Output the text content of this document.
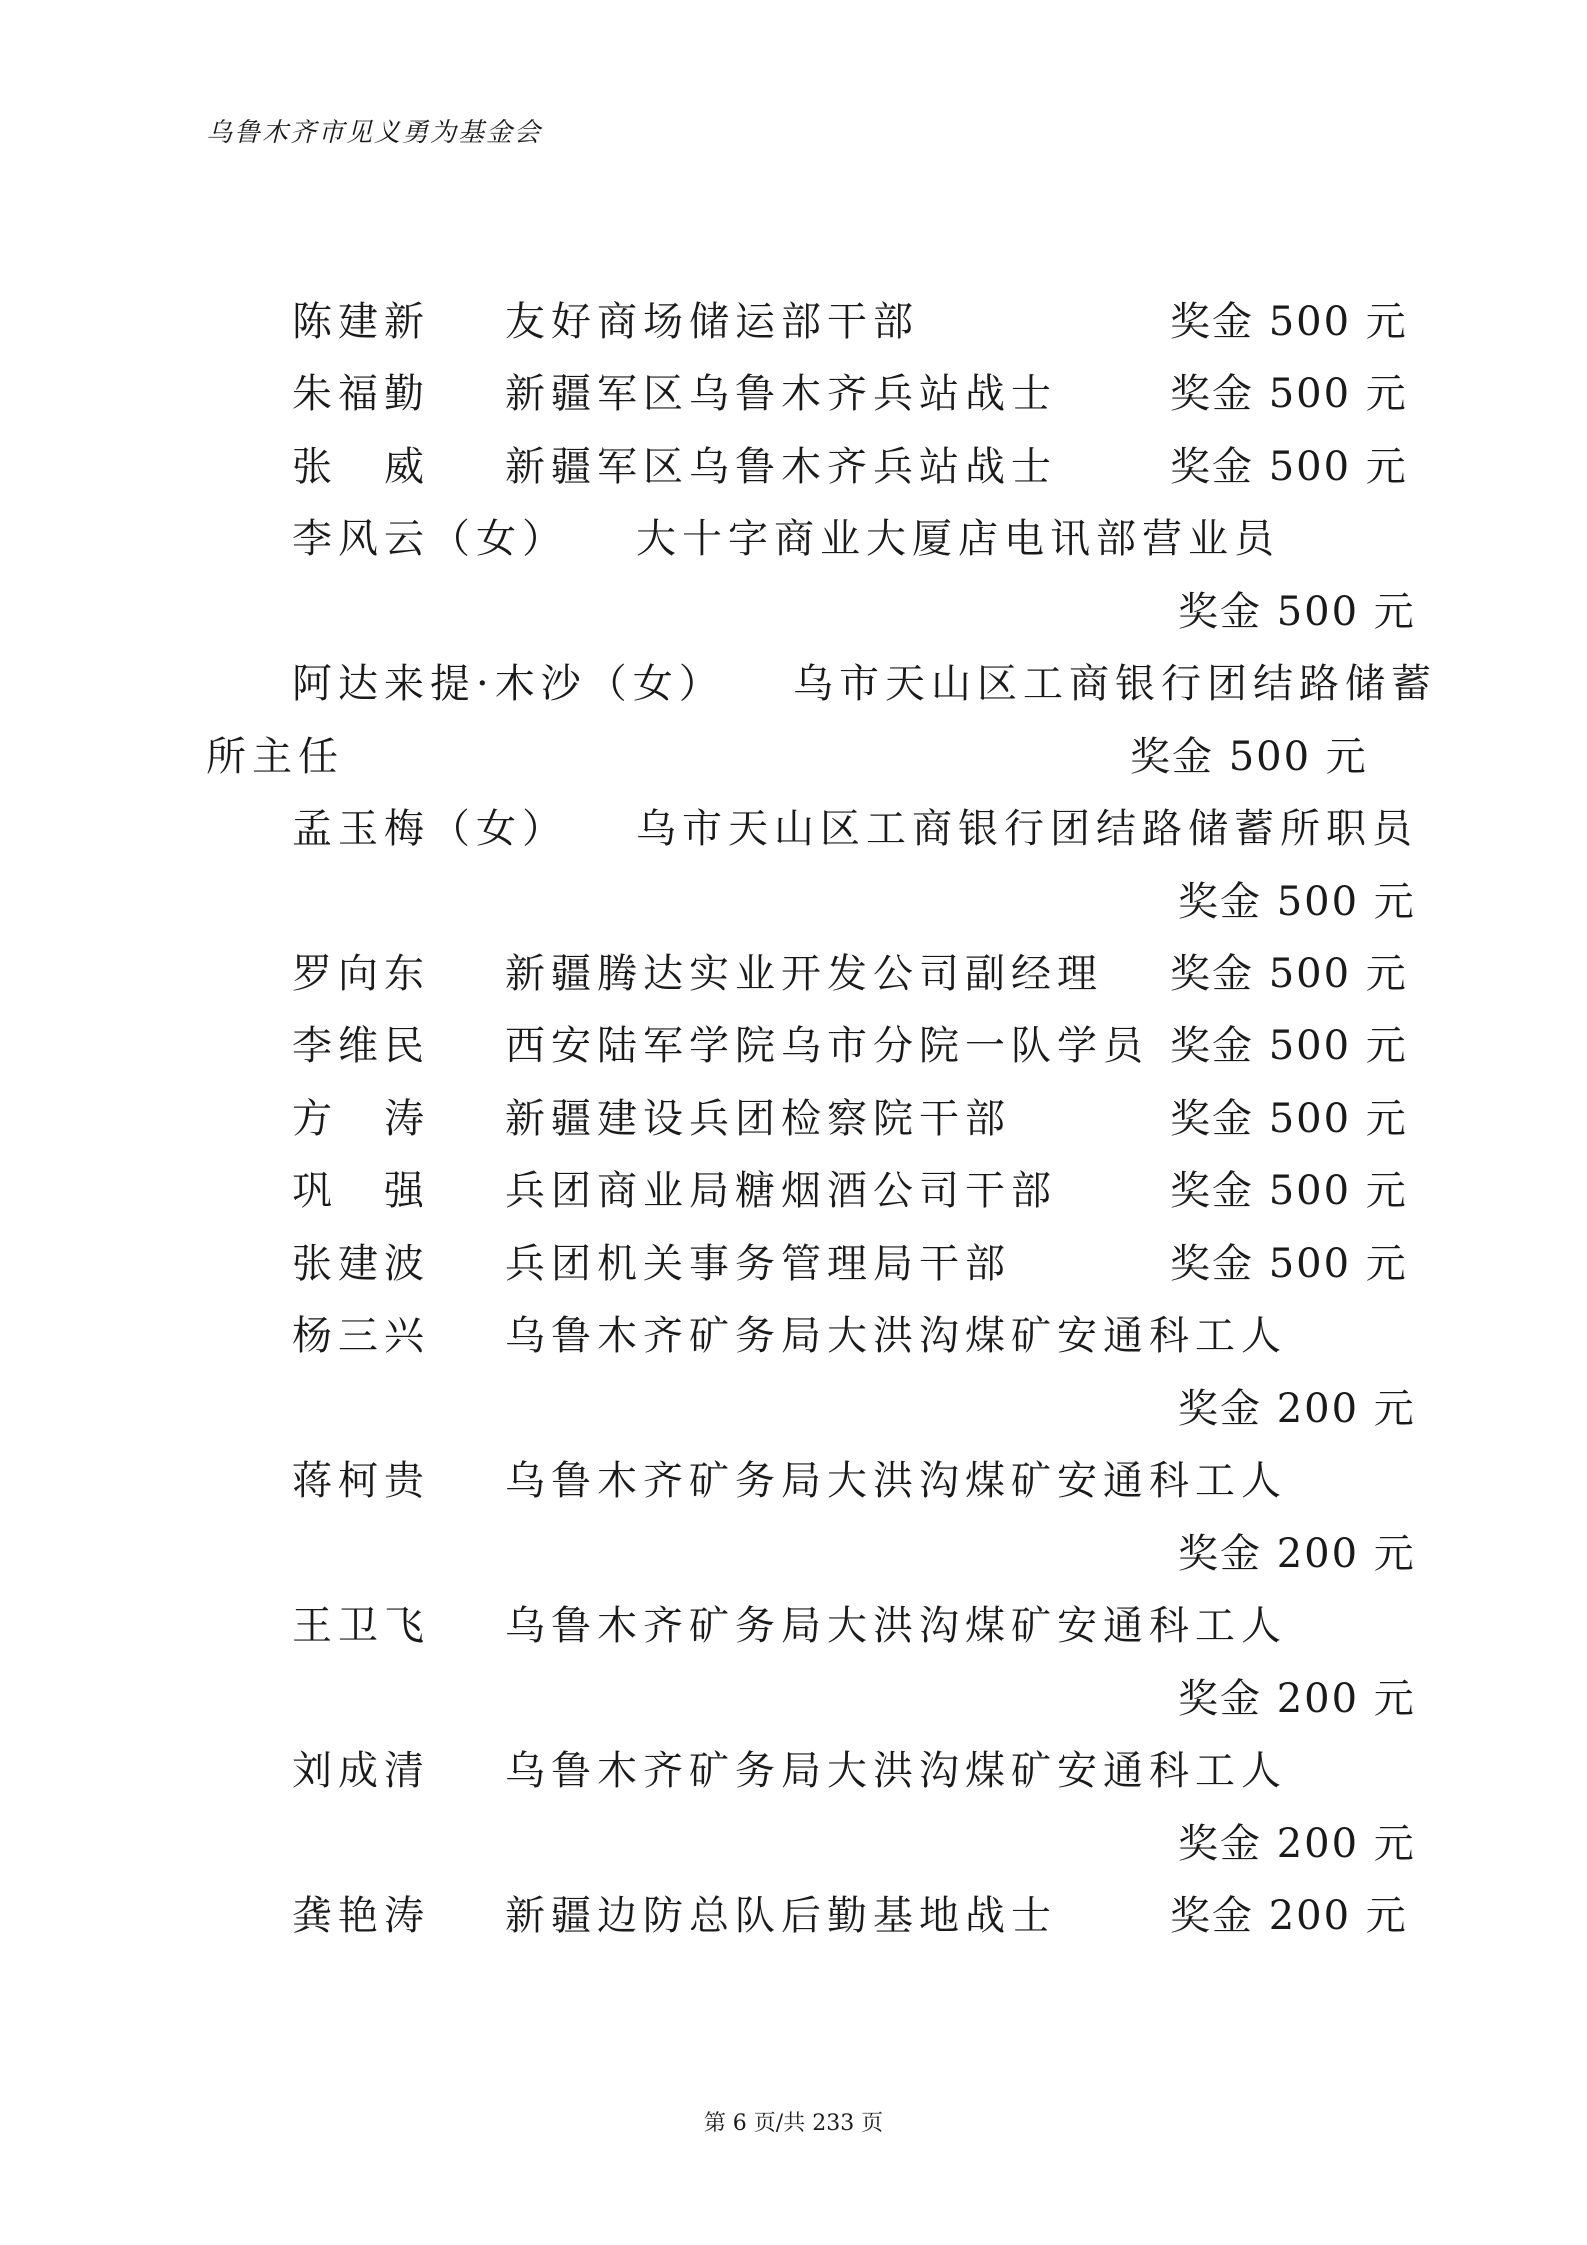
乌鲁木齐市见义勇为基金会
陈建新 友好商场储运部干部	奖金 500 元
朱福勤 新疆军区乌鲁木齐兵站战士	奖金 500 元
张　威 新疆军区乌鲁木齐兵站战士	奖金 500 元
李风云（女） 大十字商业大厦店电讯部营业员
奖金 500 元
阿达来提·木沙（女） 乌市天山区工商银行团结路储蓄
所主任	奖金 500 元
孟玉梅（女） 乌市天山区工商银行团结路储蓄所职员
奖金 500 元
罗向东 新疆腾达实业开发公司副经理 奖金 500 元
李维民 西安陆军学院乌市分院一队学员 奖金 500 元
方　涛 新疆建设兵团检察院干部	奖金 500 元
巩　强 兵团商业局糖烟酒公司干部	奖金 500 元
张建波 兵团机关事务管理局干部	奖金 500 元
杨三兴 乌鲁木齐矿务局大洪沟煤矿安通科工人
奖金 200 元
蒋柯贵 乌鲁木齐矿务局大洪沟煤矿安通科工人
奖金 200 元
王卫飞 乌鲁木齐矿务局大洪沟煤矿安通科工人
奖金 200 元
刘成清 乌鲁木齐矿务局大洪沟煤矿安通科工人
奖金 200 元
龚艳涛 新疆边防总队后勤基地战士	奖金 200 元
第 6 页/共 233 页
